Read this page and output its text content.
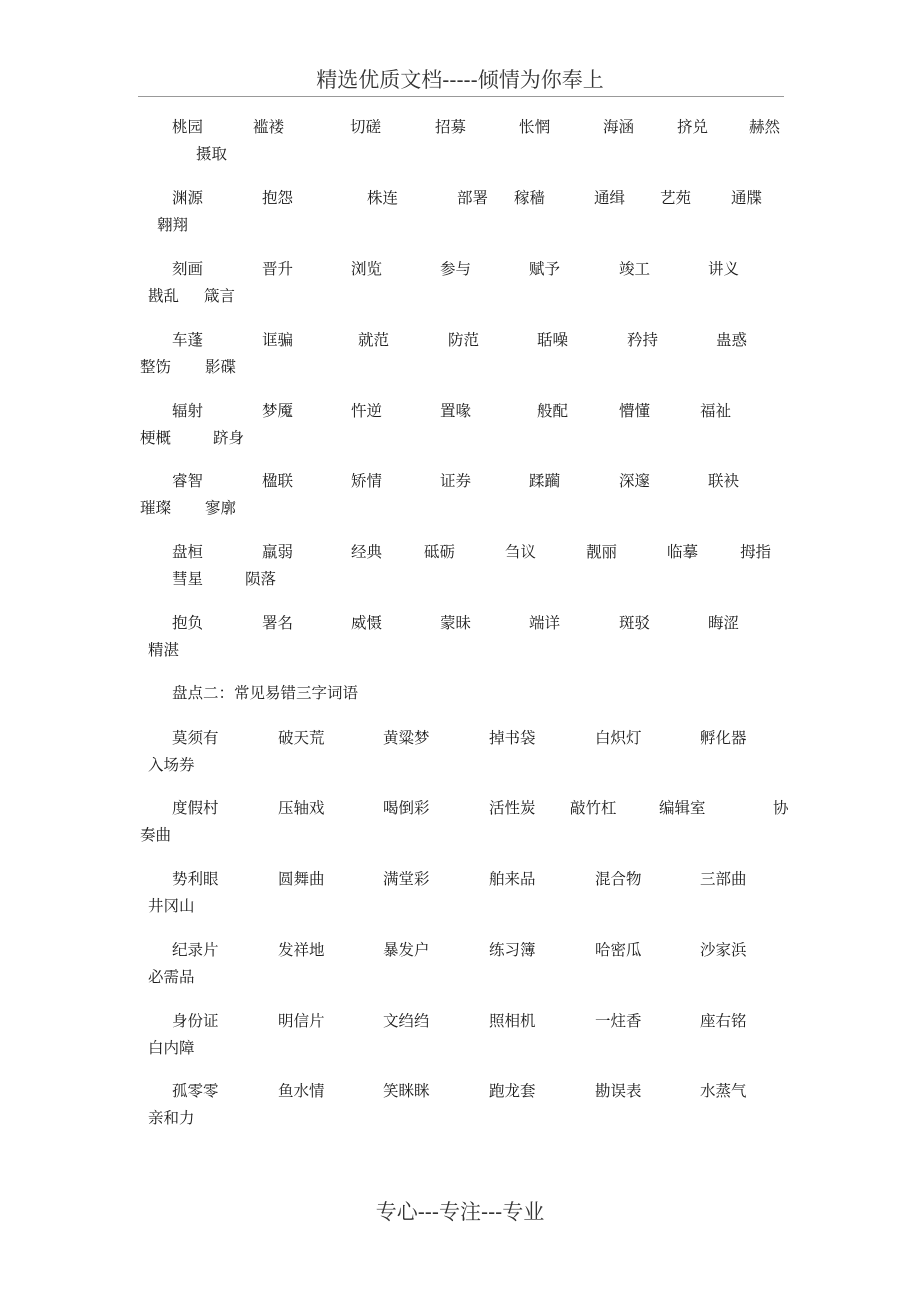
精选优质文档-----倾情为你奉上
盘点二：常见易错三字词语
桃园	褴褛	切磋	招募	怅惘	海涵	挤兑	赫然
摄取
渊源	抱怨	株连	部署 稼穑	通缉 艺苑	通牒
翱翔
刻画	晋升	浏览	参与	赋予	竣工	讲义
戡乱 箴言
车蓬	诓骗	就范	防范	聒噪	矜持	蛊惑
整饬 影碟
辐射	梦魇	忤逆	置喙	般配	懵懂	福祉
梗概	跻身
睿智	楹联	矫情	证券	蹂躏	深邃	联袂
璀璨 寥廓
盘桓	羸弱	经典	砥砺	刍议	靓丽	临摹	拇指
彗星	陨落
抱负	署名	威慑	蒙昧	端详	斑驳	晦涩
精湛
莫须有	破天荒	黄粱梦	掉书袋	白炽灯	孵化器
入场券
度假村	压轴戏	喝倒彩	活性炭 敲竹杠	编辑室	协
奏曲
势利眼	圆舞曲	满堂彩	舶来品	混合物	三部曲
井冈山
纪录片	发祥地	暴发户	练习簿	哈密瓜	沙家浜
必需品
身份证	明信片	文绉绉	照相机	一炷香	座右铭
白内障
孤零零	鱼水情	笑眯眯	跑龙套	勘误表	水蒸气
亲和力
专心---专注---专业
